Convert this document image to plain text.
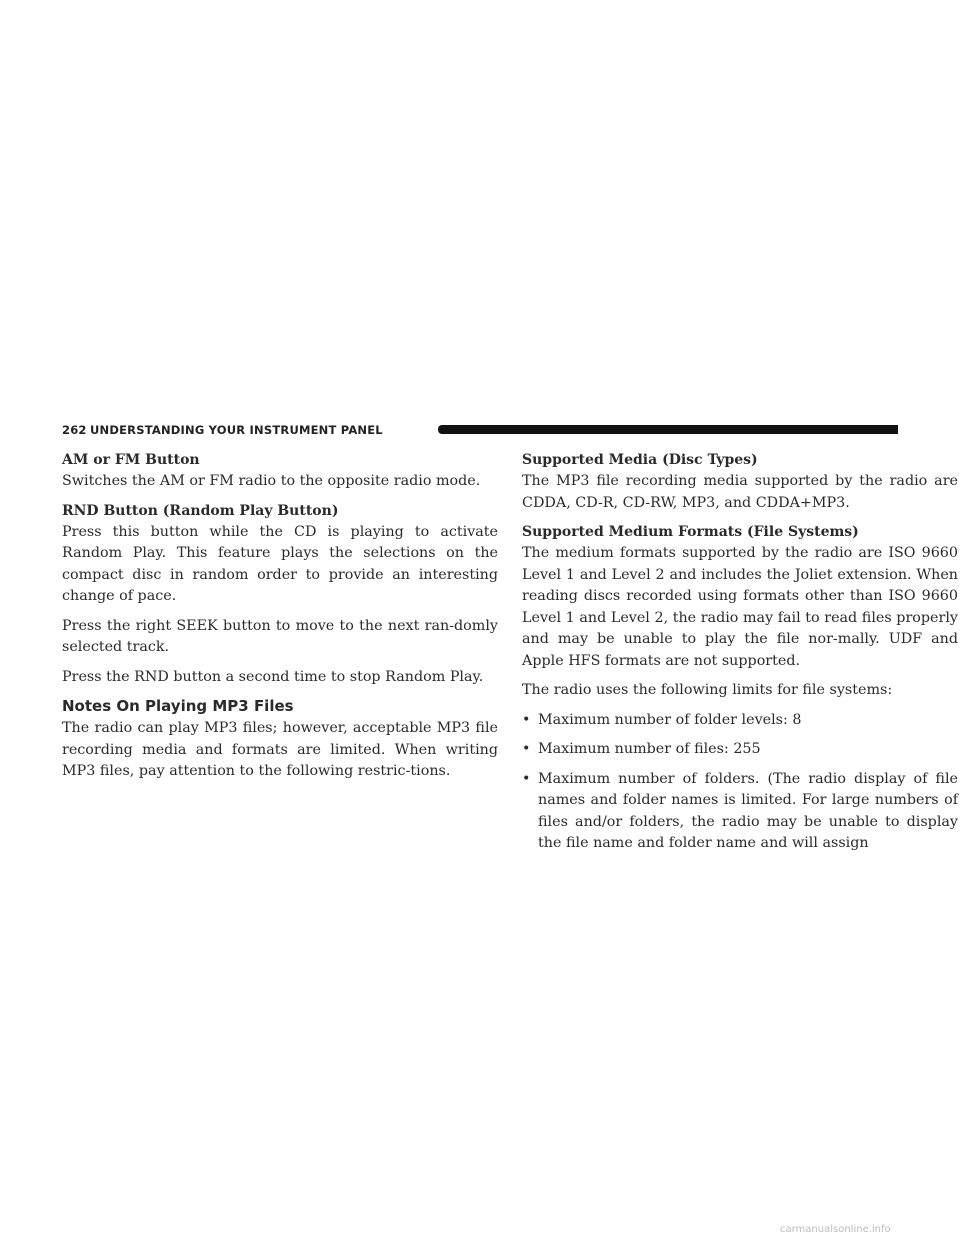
262 UNDERSTANDING YOUR INSTRUMENT PANEL

AM or FM Button

Switches the AM or FM radio to the opposite radio mode.

RND Button (Random Play Button)

Press this button while the CD is playing to activate Random Play. This feature plays the selections on the compact disc in random order to provide an interesting change of pace.

Press the right SEEK button to move to the next ran-domly selected track.

Press the RND button a second time to stop Random Play.

Notes On Playing MP3 Files

The radio can play MP3 files; however, acceptable MP3 file recording media and formats are limited. When writing MP3 files, pay attention to the following restric-tions.

Supported Media (Disc Types)

The MP3 file recording media supported by the radio are CDDA, CD-R, CD-RW, MP3, and CDDA+MP3.

Supported Medium Formats (File Systems)

The medium formats supported by the radio are ISO 9660 Level 1 and Level 2 and includes the Joliet extension. When reading discs recorded using formats other than ISO 9660 Level 1 and Level 2, the radio may fail to read files properly and may be unable to play the file nor-mally. UDF and Apple HFS formats are not supported.

The radio uses the following limits for file systems:

• Maximum number of folder levels: 8
• Maximum number of files: 255
• Maximum number of folders. (The radio display of file names and folder names is limited. For large numbers of files and/or folders, the radio may be unable to display the file name and folder name and will assign
carmanualsonline.info
